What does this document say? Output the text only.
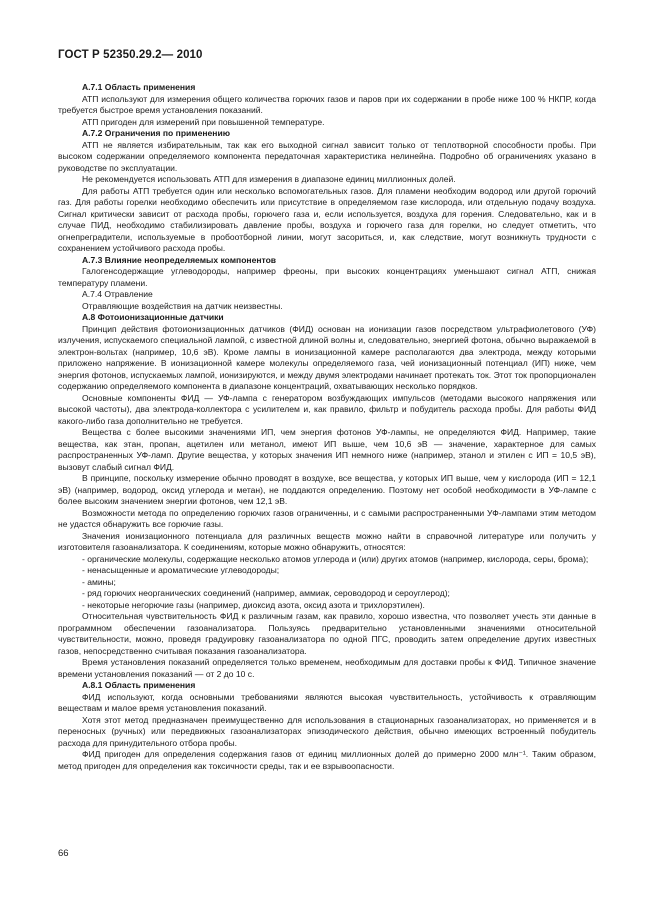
ГОСТ Р 52350.29.2— 2010

А.7.1 Область применения

АТП используют для измерения общего количества горючих газов и паров при их содержании в пробе ниже 100 % НКПР, когда требуется быстрое время установления показаний.

АТП пригоден для измерений при повышенной температуре.

А.7.2 Ограничения по применению

АТП не является избирательным, так как его выходной сигнал зависит только от теплотворной способности пробы. При высоком содержании определяемого компонента передаточная характеристика нелинейна. Подробно об ограничениях указано в руководстве по эксплуатации.

Не рекомендуется использовать АТП для измерения в диапазоне единиц миллионных долей.

Для работы АТП требуется один или несколько вспомогательных газов. Для пламени необходим водород или другой горючий газ. Для работы горелки необходимо обеспечить или присутствие в определяемом газе кислорода, или отдельную подачу воздуха. Сигнал критически зависит от расхода пробы, горючего газа и, если используется, воздуха для горения. Следовательно, как и в случае ПИД, необходимо стабилизировать давление пробы, воздуха и горючего газа для горелки, но следует отметить, что огнепреградители, используемые в пробоотборной линии, могут засориться, и, как следствие, могут возникнуть трудности с сохранением устойчивого расхода пробы.

А.7.3 Влияние неопределяемых компонентов

Галогенсодержащие углеводороды, например фреоны, при высоких концентрациях уменьшают сигнал АТП, снижая температуру пламени.

А.7.4 Отравление

Отравляющие воздействия на датчик неизвестны.

А.8 Фотоионизационные датчики

Принцип действия фотоионизационных датчиков (ФИД) основан на ионизации газов посредством ультрафиолетового (УФ) излучения, испускаемого специальной лампой, с известной длиной волны и, следовательно, энергией фотона, обычно выражаемой в электрон-вольтах (например, 10,6 эВ). Кроме лампы в ионизационной камере располагаются два электрода, между которыми приложено напряжение. В ионизационной камере молекулы определяемого газа, чей ионизационный потенциал (ИП) ниже, чем энергия фотонов, испускаемых лампой, ионизируются, и между двумя электродами начинает протекать ток. Этот ток пропорционален содержанию определяемого компонента в диапазоне концентраций, охватывающих несколько порядков.

Основные компоненты ФИД — УФ-лампа с генератором возбуждающих импульсов (методами высокого напряжения или высокой частоты), два электрода-коллектора с усилителем и, как правило, фильтр и побудитель расхода пробы. Для работы ФИД какого-либо газа дополнительно не требуется.

Вещества с более высокими значениями ИП, чем энергия фотонов УФ-лампы, не определяются ФИД. Например, такие вещества, как этан, пропан, ацетилен или метанол, имеют ИП выше, чем 10,6 эВ — значение, характерное для самых распространенных УФ-ламп. Другие вещества, у которых значения ИП немного ниже (например, этанол и этилен с ИП = 10,5 эВ), вызовут слабый сигнал ФИД.

В принципе, поскольку измерение обычно проводят в воздухе, все вещества, у которых ИП выше, чем у кислорода (ИП = 12,1 эВ) (например, водород, оксид углерода и метан), не поддаются определению. Поэтому нет особой необходимости в УФ-лампе с более высоким значением энергии фотонов, чем 12,1 эВ.

Возможности метода по определению горючих газов ограниченны, и с самыми распространенными УФ-лампами этим методом не удастся обнаружить все горючие газы.

Значения ионизационного потенциала для различных веществ можно найти в справочной литературе или получить у изготовителя газоанализатора. К соединениям, которые можно обнаружить, относятся:

- органические молекулы, содержащие несколько атомов углерода и (или) других атомов (например, кислорода, серы, брома);

- ненасыщенные и ароматические углеводороды;

- амины;

- ряд горючих неорганических соединений (например, аммиак, сероводород и сероуглерод);

- некоторые негорючие газы (например, диоксид азота, оксид азота и трихлорэтилен).

Относительная чувствительность ФИД к различным газам, как правило, хорошо известна, что позволяет учесть эти данные в программном обеспечении газоанализатора. Пользуясь предварительно установленными значениями относительной чувствительности, можно, проведя градуировку газоанализатора по одной ПГС, проводить затем определение других известных газов, непосредственно считывая показания газоанализатора.

Время установления показаний определяется только временем, необходимым для доставки пробы к ФИД. Типичное значение времени установления показаний — от 2 до 10 с.

А.8.1 Область применения

ФИД используют, когда основными требованиями являются высокая чувствительность, устойчивость к отравляющим веществам и малое время установления показаний.

Хотя этот метод предназначен преимущественно для использования в стационарных газоанализаторах, но применяется и в переносных (ручных) или передвижных газоанализаторах эпизодического действия, обычно имеющих встроенный побудитель расхода для принудительного отбора пробы.

ФИД пригоден для определения содержания газов от единиц миллионных долей до примерно 2000 млн⁻¹. Таким образом, метод пригоден для определения как токсичности среды, так и ее взрывоопасности.

66
